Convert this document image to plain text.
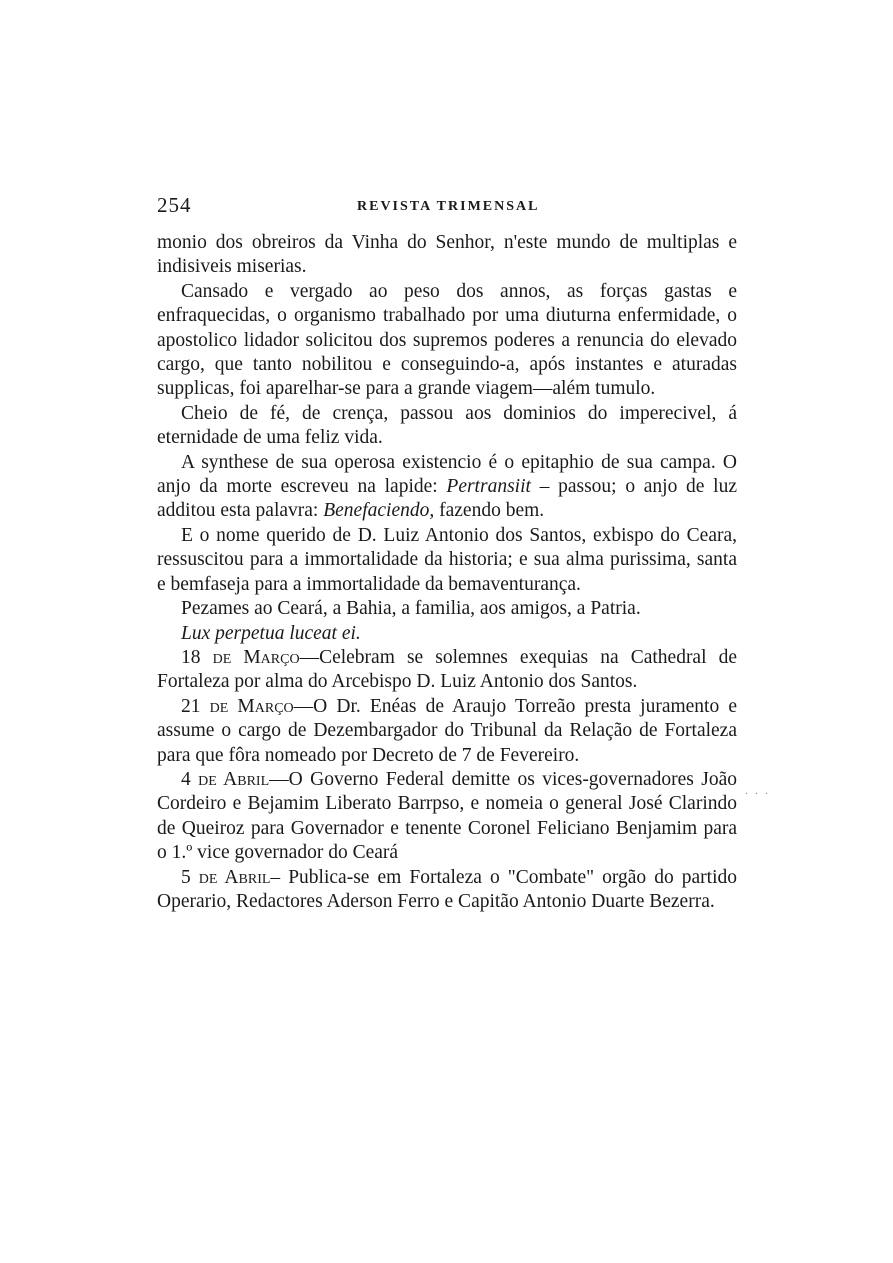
254	REVISTA TRIMENSAL

monio dos obreiros da Vinha do Senhor, n'este mundo de multiplas e indisiveis miserias.

Cansado e vergado ao peso dos annos, as forças gastas e enfraquecidas, o organismo trabalhado por uma diuturna enfermidade, o apostolico lidador solicitou dos supremos poderes a renuncia do elevado cargo, que tanto nobilitou e conseguindo-a, após instantes e aturadas supplicas, foi aparelhar-se para a grande viagem—além tumulo.

Cheio de fé, de crença, passou aos dominios do imperecivel, á eternidade de uma feliz vida.

A synthese de sua operosa existencio é o epitaphio de sua campa. O anjo da morte escreveu na lapide: Pertransiit – passou; o anjo de luz additou esta palavra: Benefaciendo, fazendo bem.

E o nome querido de D. Luiz Antonio dos Santos, exbispo do Ceara, ressuscitou para a immortalidade da historia; e sua alma purissima, santa e bemfaseja para a immortalidade da bemaventurança.

Pezames ao Ceará, a Bahia, a familia, aos amigos, a Patria.

Lux perpetua luceat ei.

18 de Março—Celebram se solemnes exequias na Cathedral de Fortaleza por alma do Arcebispo D. Luiz Antonio dos Santos.

21 de Março—O Dr. Enéas de Araujo Torreão presta juramento e assume o cargo de Dezembargador do Tribunal da Relação de Fortaleza para que fôra nomeado por Decreto de 7 de Fevereiro.

4 de Abril—O Governo Federal demitte os vices-governadores João Cordeiro e Bejamim Liberato Barrpso, e nomeia o general José Clarindo de Queiroz para Governador e tenente Coronel Feliciano Benjamim para o 1.º vice governador do Ceará

5 de Abril– Publica-se em Fortaleza o "Combate" orgão do partido Operario, Redactores Aderson Ferro e Capitão Antonio Duarte Bezerra.

. . .
